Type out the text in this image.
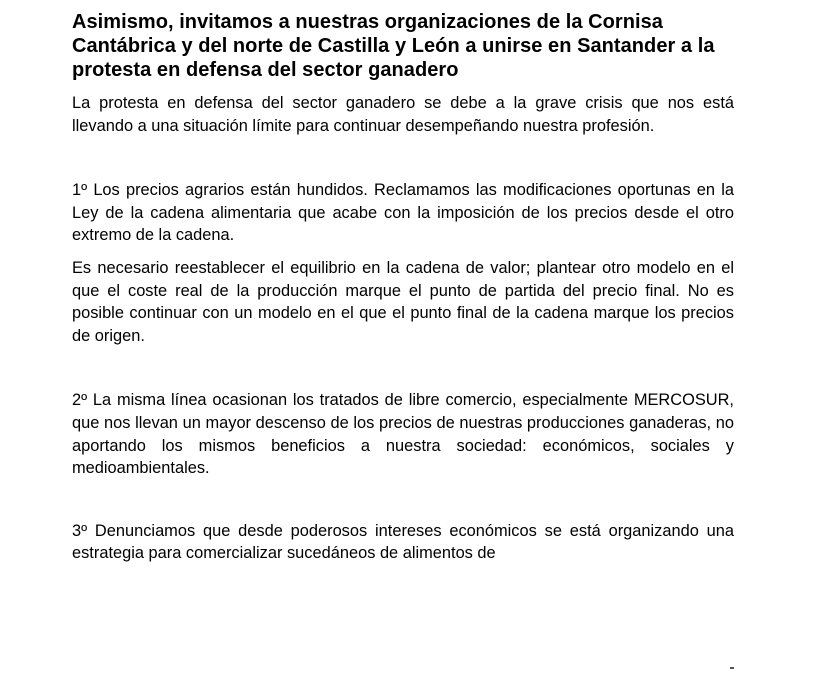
Asimismo, invitamos a nuestras organizaciones de la Cornisa Cantábrica y del norte de Castilla y León a unirse en Santander a la protesta en defensa del sector ganadero

La protesta en defensa del sector ganadero se debe a la grave crisis que nos está llevando a una situación límite para continuar desempeñando nuestra profesión.

1º Los precios agrarios están hundidos. Reclamamos las modificaciones oportunas en la Ley de la cadena alimentaria que acabe con la imposición de los precios desde el otro extremo de la cadena.

Es necesario reestablecer el equilibrio en la cadena de valor; plantear otro modelo en el que el coste real de la producción marque el punto de partida del precio final. No es posible continuar con un modelo en el que el punto final de la cadena marque los precios de origen.

2º La misma línea ocasionan los tratados de libre comercio, especialmente MERCOSUR, que nos llevan un mayor descenso de los precios de nuestras producciones ganaderas, no aportando los mismos beneficios a nuestra sociedad: económicos, sociales y medioambientales.

3º Denunciamos que desde poderosos intereses económicos se está organizando una estrategia para comercializar sucedáneos de alimentos de
